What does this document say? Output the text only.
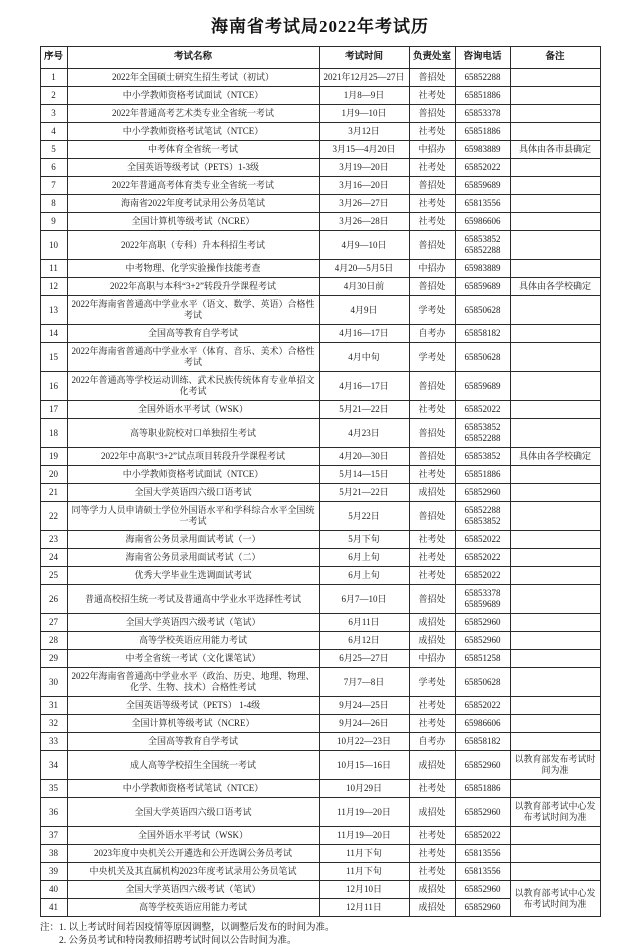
海南省考试局2022年考试历
序号	考试名称	考试时间	负责处室	咨询电话	备注
1	2022年全国硕士研究生招生考试（初试）	2021年12月25—27日	普招处	65852288	

2	中小学教师资格考试面试（NTCE）	1月8—9日	社考处	65851886	

3	2022年普通高考艺术类专业全省统一考试	1月9—10日	普招处	65853378	

4	中小学教师资格考试笔试（NTCE）	3月12日	社考处	65851886	

5	中考体育全省统一考试	3月15—4月20日	中招办	65983889	具体由各市县确定
6	全国英语等级考试（PETS）1-3级	3月19—20日	社考处	65852022	

7	2022年普通高考体育类专业全省统一考试	3月16—20日	普招处	65859689	

8	海南省2022年度考试录用公务员笔试	3月26—27日	社考处	65813556	

9	全国计算机等级考试（NCRE）	3月26—28日	社考处	65986606	

10	2022年高职（专科）升本科招生考试	4月9—10日	普招处	65853852
65852288	

11	中考物理、化学实验操作技能考查	4月20—5月5日	中招办	65983889	

12	2022年高职与本科“3+2”转段升学课程考试	4月30日前	普招处	65859689	具体由各学校确定
13	2022年海南省普通高中学业水平（语文、数学、英语）合格性考试	4月9日	学考处	65850628	

14	全国高等教育自学考试	4月16—17日	自考办	65858182	

15	2022年海南省普通高中学业水平（体育、音乐、美术）合格性考试	4月中旬	学考处	65850628	

16	2022年普通高等学校运动训练、武术民族传统体育专业单招文化考试	4月16—17日	普招处	65859689	

17	全国外语水平考试（WSK）	5月21—22日	社考处	65852022	

18	高等职业院校对口单独招生考试	4月23日	普招处	65853852
65852288	

19	2022年中高职“3+2”试点项目转段升学课程考试	4月20—30日	普招处	65853852	具体由各学校确定
20	中小学教师资格考试面试（NTCE）	5月14—15日	社考处	65851886	

21	全国大学英语四六级口语考试	5月21—22日	成招处	65852960	

22	同等学力人员申请硕士学位外国语水平和学科综合水平全国统一考试	5月22日	普招处	65852288
65853852	

23	海南省公务员录用面试考试（一）	5月下旬	社考处	65852022	

24	海南省公务员录用面试考试（二）	6月上旬	社考处	65852022	

25	优秀大学毕业生选调面试考试	6月上旬	社考处	65852022	

26	普通高校招生统一考试及普通高中学业水平选择性考试	6月7—10日	普招处	65853378
65859689	

27	全国大学英语四六级考试（笔试）	6月11日	成招处	65852960	

28	高等学校英语应用能力考试	6月12日	成招处	65852960	

29	中考全省统一考试（文化课笔试）	6月25—27日	中招办	65851258	

30	2022年海南省普通高中学业水平（政治、历史、地理、物理、化学、生物、技术）合格性考试	7月7—8日	学考处	65850628	

31	全国英语等级考试（PETS） 1-4级	9月24—25日	社考处	65852022	

32	全国计算机等级考试（NCRE）	9月24—26日	社考处	65986606	

33	全国高等教育自学考试	10月22—23日	自考办	65858182	

34	成人高等学校招生全国统一考试	10月15—16日	成招处	65852960	以教育部发布考试时间为准
35	中小学教师资格考试笔试（NTCE）	10月29日	社考处	65851886	

36	全国大学英语四六级口语考试	11月19—20日	成招处	65852960	以教育部考试中心发布考试时间为准
37	全国外语水平考试（WSK）	11月19—20日	社考处	65852022	

38	2023年度中央机关公开遴选和公开选调公务员考试	11月下旬	社考处	65813556	

39	中央机关及其直属机构2023年度考试录用公务员笔试	11月下旬	社考处	65813556	

40	全国大学英语四六级考试（笔试）	12月10日	成招处	65852960	以教育部考试中心发布考试时间为准
41	高等学校英语应用能力考试	12月11日	成招处	65852960	
注： 1. 以上考试时间若因疫情等原因调整，以调整后发布的时间为准。
2. 公务员考试和特岗教师招聘考试时间以公告时间为准。
